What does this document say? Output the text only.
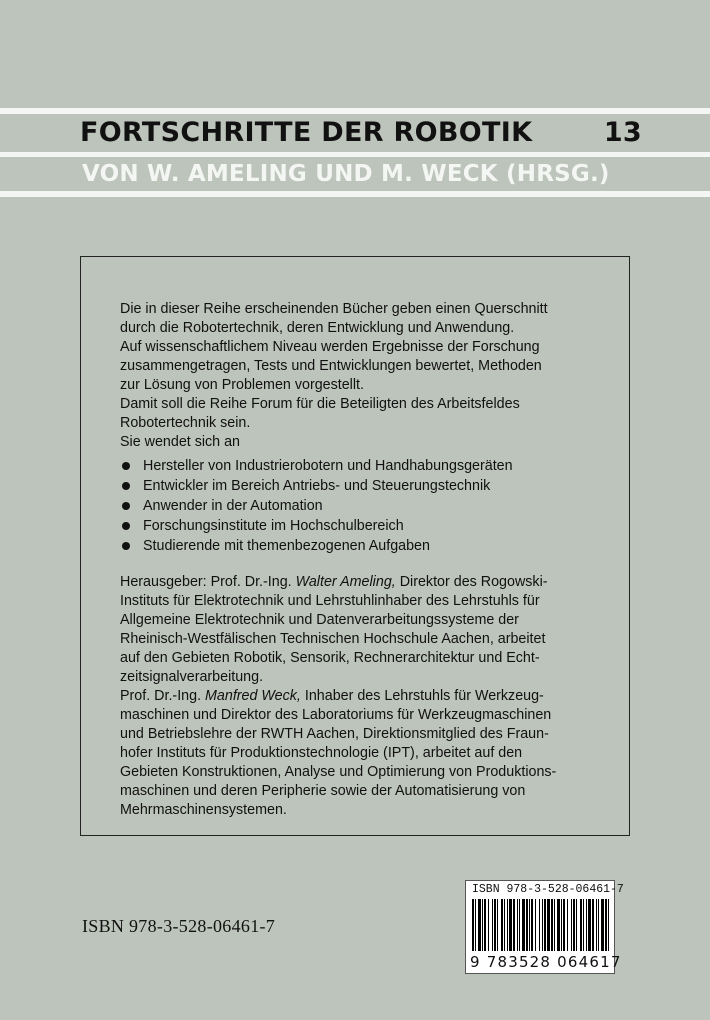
FORTSCHRITTE DER ROBOTIK	13
VON W. AMELING UND M. WECK (HRSG.)

Die in dieser Reihe erscheinenden Bücher geben einen Querschnitt

durch die Robotertechnik, deren Entwicklung und Anwendung.

Auf wissenschaftlichem Niveau werden Ergebnisse der Forschung

zusammengetragen, Tests und Entwicklungen bewertet, Methoden

zur Lösung von Problemen vorgestellt.

Damit soll die Reihe Forum für die Beteiligten des Arbeitsfeldes

Robotertechnik sein.

Sie wendet sich an

Hersteller von Industrierobotern und Handhabungsgeräten
Entwickler im Bereich Antriebs- und Steuerungstechnik
Anwender in der Automation
Forschungsinstitute im Hochschulbereich
Studierende mit themenbezogenen Aufgaben

Herausgeber: Prof. Dr.-Ing. Walter Ameling, Direktor des Rogowski-

Instituts für Elektrotechnik und Lehrstuhlinhaber des Lehrstuhls für

Allgemeine Elektrotechnik und Datenverarbeitungssysteme der

Rheinisch-Westfälischen Technischen Hochschule Aachen, arbeitet

auf den Gebieten Robotik, Sensorik, Rechnerarchitektur und Echt-

zeitsignalverarbeitung.

Prof. Dr.-Ing. Manfred Weck, Inhaber des Lehrstuhls für Werkzeug-

maschinen und Direktor des Laboratoriums für Werkzeugmaschinen

und Betriebslehre der RWTH Aachen, Direktionsmitglied des Fraun-

hofer Instituts für Produktionstechnologie (IPT), arbeitet auf den

Gebieten Konstruktionen, Analyse und Optimierung von Produktions-

maschinen und deren Peripherie sowie der Automatisierung von

Mehrmaschinensystemen.

ISBN 978-3-528-06461-7
ISBN 978-3-528-06461-7
9 783528 064617
